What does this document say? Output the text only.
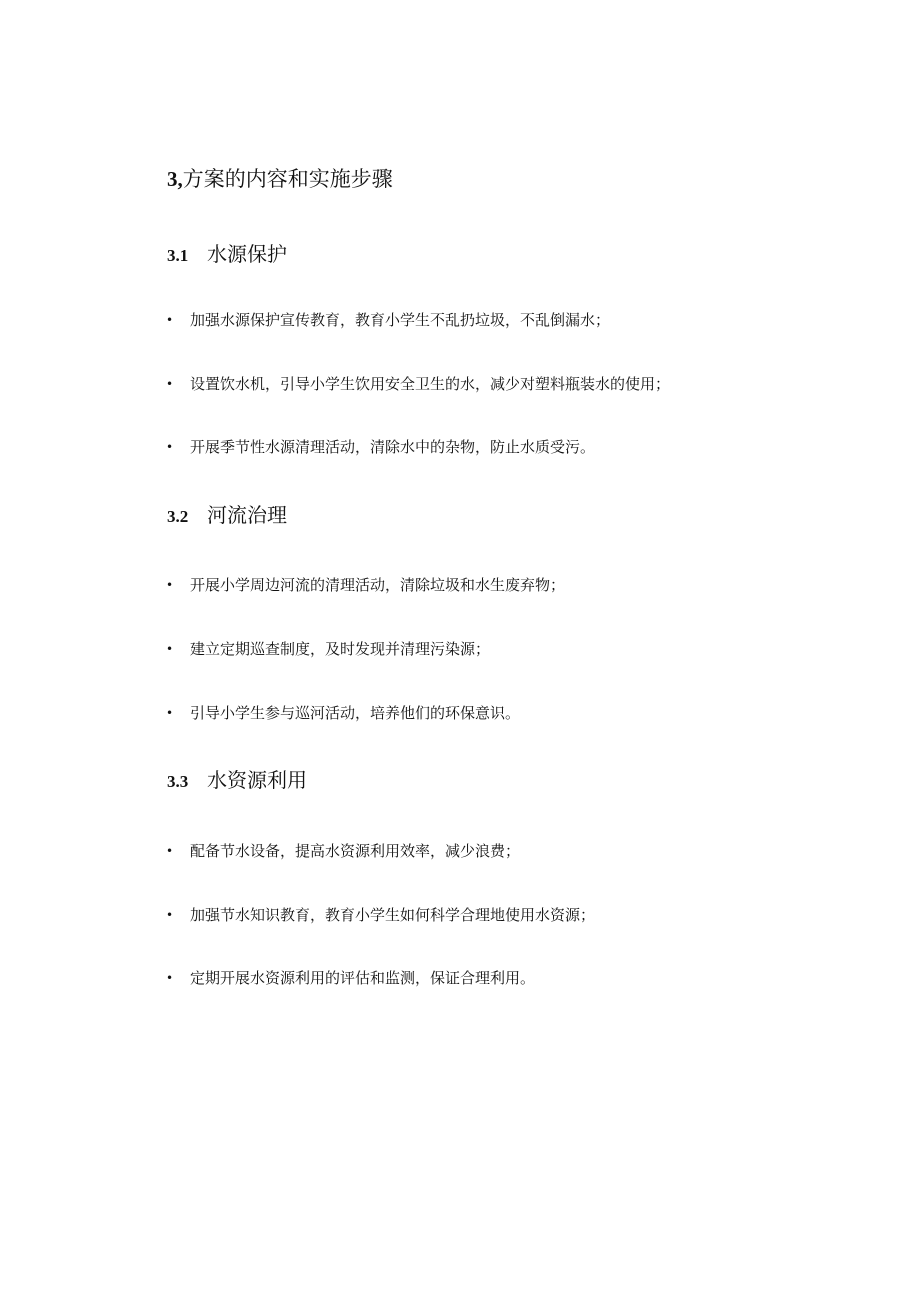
3,方案的内容和实施步骤
3.1 水源保护
• 加强水源保护宣传教育，教育小学生不乱扔垃圾，不乱倒漏水；
• 设置饮水机，引导小学生饮用安全卫生的水，减少对塑料瓶装水的使用；
• 开展季节性水源清理活动，清除水中的杂物，防止水质受污。
3.2 河流治理
• 开展小学周边河流的清理活动，清除垃圾和水生废弃物；
• 建立定期巡查制度，及时发现并清理污染源；
• 引导小学生参与巡河活动，培养他们的环保意识。
3.3 水资源利用
• 配备节水设备，提高水资源利用效率，减少浪费；
• 加强节水知识教育，教育小学生如何科学合理地使用水资源；
• 定期开展水资源利用的评估和监测，保证合理利用。
